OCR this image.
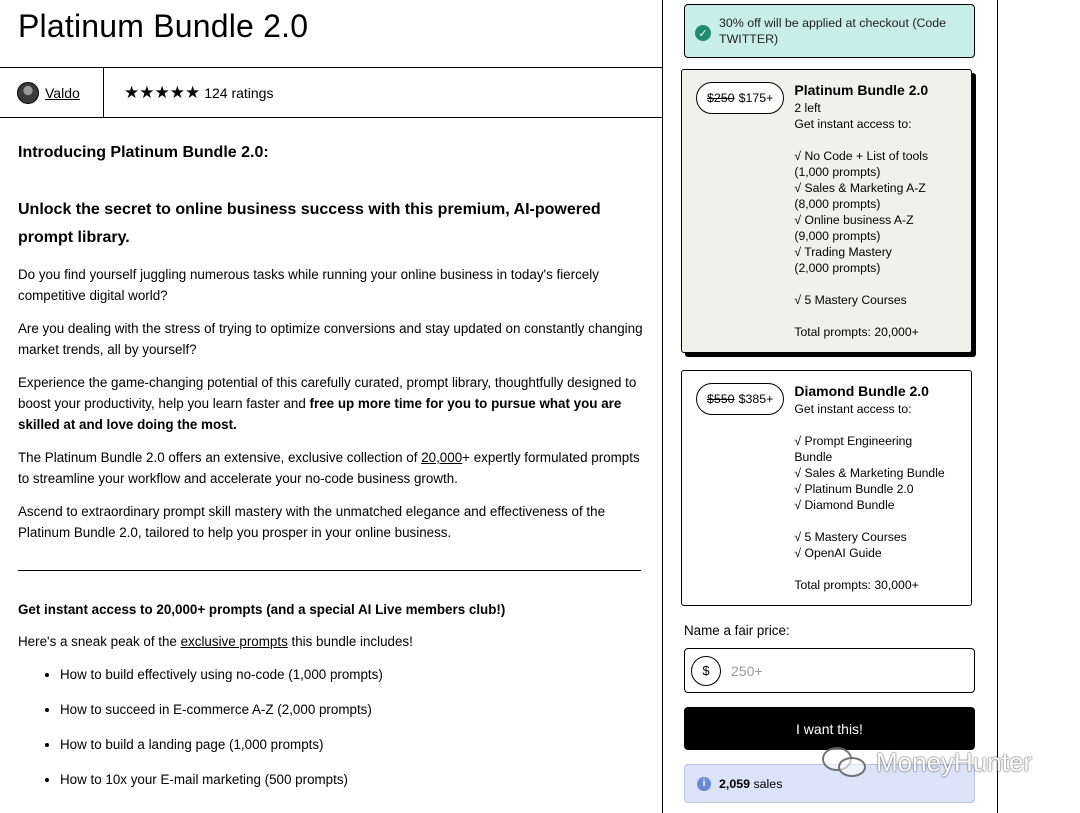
Platinum Bundle 2.0
Valdo	★★★★★ 124 ratings
Introducing Platinum Bundle 2.0:
Unlock the secret to online business success with this premium, AI-powered prompt library.

Do you find yourself juggling numerous tasks while running your online business in today's fiercely competitive digital world?

Are you dealing with the stress of trying to optimize conversions and stay updated on constantly changing market trends, all by yourself?

Experience the game-changing potential of this carefully curated, prompt library, thoughtfully designed to boost your productivity, help you learn faster and free up more time for you to pursue what you are skilled at and love doing the most.

The Platinum Bundle 2.0 offers an extensive, exclusive collection of 20,000+ expertly formulated prompts to streamline your workflow and accelerate your no-code business growth.

Ascend to extraordinary prompt skill mastery with the unmatched elegance and effectiveness of the Platinum Bundle 2.0, tailored to help you prosper in your online business.

Get instant access to 20,000+ prompts (and a special AI Live members club!)

Here's a sneak peak of the exclusive prompts this bundle includes!

• How to build effectively using no-code (1,000 prompts)
• How to succeed in E-commerce A-Z (2,000 prompts)
• How to build a landing page (1,000 prompts)
• How to 10x your E-mail marketing (500 prompts)
✓
30% off will be applied at checkout (Code TWITTER)
$250 $175+ Platinum Bundle 2.0
2 left
Get instant access to:
√ No Code + List of tools
(1,000 prompts)
√ Sales & Marketing A-Z
(8,000 prompts)
√ Online business A-Z
(9,000 prompts)
√ Trading Mastery
(2,000 prompts)
√ 5 Mastery Courses
Total prompts: 20,000+
$550 $385+ Diamond Bundle 2.0
Get instant access to:
√ Prompt Engineering
Bundle
√ Sales & Marketing Bundle
√ Platinum Bundle 2.0
√ Diamond Bundle
√ 5 Mastery Courses
√ OpenAI Guide
Total prompts: 30,000+
Name a fair price:
$
250+
I want this!
i	2,059 sales
MoneyHunter
